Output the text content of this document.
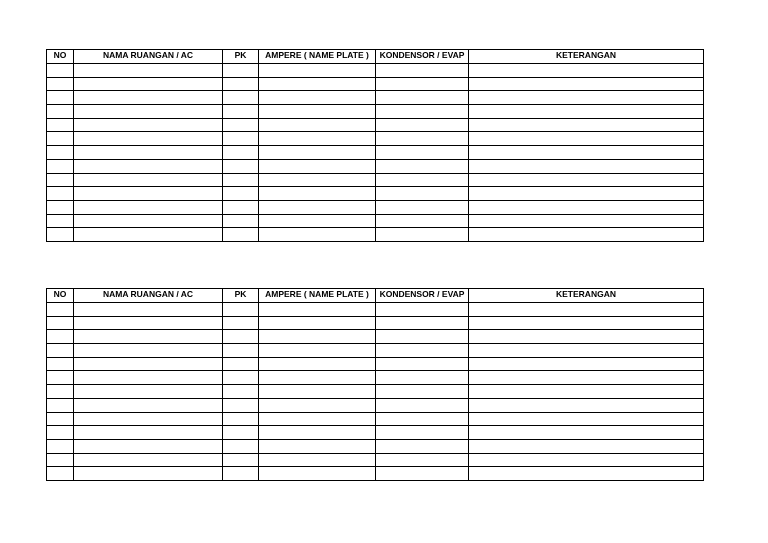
NO	NAMA RUANGAN / AC	PK	AMPERE ( NAME PLATE )	KONDENSOR / EVAP	KETERANGAN

NO	NAMA RUANGAN / AC	PK	AMPERE ( NAME PLATE )	KONDENSOR / EVAP	KETERANGAN
